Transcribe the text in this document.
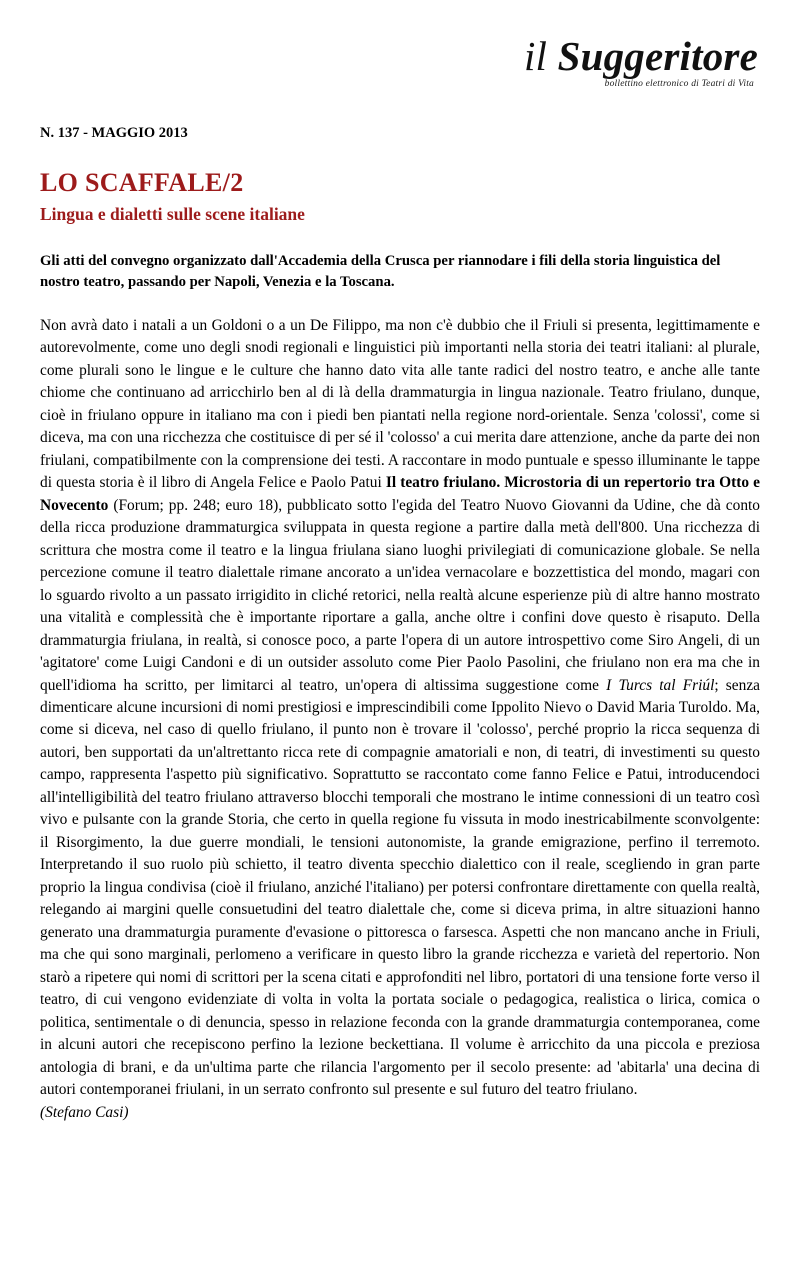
il Suggeritore
bollettino elettronico di Teatri di Vita
N. 137 - MAGGIO 2013
LO SCAFFALE/2
Lingua e dialetti sulle scene italiane
Gli atti del convegno organizzato dall'Accademia della Crusca per riannodare i fili della storia linguistica del nostro teatro, passando per Napoli, Venezia e la Toscana.
Non avrà dato i natali a un Goldoni o a un De Filippo, ma non c'è dubbio che il Friuli si presenta, legittimamente e autorevolmente, come uno degli snodi regionali e linguistici più importanti nella storia dei teatri italiani: al plurale, come plurali sono le lingue e le culture che hanno dato vita alle tante radici del nostro teatro, e anche alle tante chiome che continuano ad arricchirlo ben al di là della drammaturgia in lingua nazionale. Teatro friulano, dunque, cioè in friulano oppure in italiano ma con i piedi ben piantati nella regione nord-orientale. Senza 'colossi', come si diceva, ma con una ricchezza che costituisce di per sé il 'colosso' a cui merita dare attenzione, anche da parte dei non friulani, compatibilmente con la comprensione dei testi. A raccontare in modo puntuale e spesso illuminante le tappe di questa storia è il libro di Angela Felice e Paolo Patui Il teatro friulano. Microstoria di un repertorio tra Otto e Novecento (Forum; pp. 248; euro 18), pubblicato sotto l'egida del Teatro Nuovo Giovanni da Udine, che dà conto della ricca produzione drammaturgica sviluppata in questa regione a partire dalla metà dell'800. Una ricchezza di scrittura che mostra come il teatro e la lingua friulana siano luoghi privilegiati di comunicazione globale. Se nella percezione comune il teatro dialettale rimane ancorato a un'idea vernacolare e bozzettistica del mondo, magari con lo sguardo rivolto a un passato irrigidito in cliché retorici, nella realtà alcune esperienze più di altre hanno mostrato una vitalità e complessità che è importante riportare a galla, anche oltre i confini dove questo è risaputo. Della drammaturgia friulana, in realtà, si conosce poco, a parte l'opera di un autore introspettivo come Siro Angeli, di un 'agitatore' come Luigi Candoni e di un outsider assoluto come Pier Paolo Pasolini, che friulano non era ma che in quell'idioma ha scritto, per limitarci al teatro, un'opera di altissima suggestione come I Turcs tal Friúl; senza dimenticare alcune incursioni di nomi prestigiosi e imprescindibili come Ippolito Nievo o David Maria Turoldo. Ma, come si diceva, nel caso di quello friulano, il punto non è trovare il 'colosso', perché proprio la ricca sequenza di autori, ben supportati da un'altrettanto ricca rete di compagnie amatoriali e non, di teatri, di investimenti su questo campo, rappresenta l'aspetto più significativo. Soprattutto se raccontato come fanno Felice e Patui, introducendoci all'intelligibilità del teatro friulano attraverso blocchi temporali che mostrano le intime connessioni di un teatro così vivo e pulsante con la grande Storia, che certo in quella regione fu vissuta in modo inestricabilmente sconvolgente: il Risorgimento, la due guerre mondiali, le tensioni autonomiste, la grande emigrazione, perfino il terremoto. Interpretando il suo ruolo più schietto, il teatro diventa specchio dialettico con il reale, scegliendo in gran parte proprio la lingua condivisa (cioè il friulano, anziché l'italiano) per potersi confrontare direttamente con quella realtà, relegando ai margini quelle consuetudini del teatro dialettale che, come si diceva prima, in altre situazioni hanno generato una drammaturgia puramente d'evasione o pittoresca o farsesca. Aspetti che non mancano anche in Friuli, ma che qui sono marginali, perlomeno a verificare in questo libro la grande ricchezza e varietà del repertorio. Non starò a ripetere qui nomi di scrittori per la scena citati e approfonditi nel libro, portatori di una tensione forte verso il teatro, di cui vengono evidenziate di volta in volta la portata sociale o pedagogica, realistica o lirica, comica o politica, sentimentale o di denuncia, spesso in relazione feconda con la grande drammaturgia contemporanea, come in alcuni autori che recepiscono perfino la lezione beckettiana. Il volume è arricchito da una piccola e preziosa antologia di brani, e da un'ultima parte che rilancia l'argomento per il secolo presente: ad 'abitarla' una decina di autori contemporanei friulani, in un serrato confronto sul presente e sul futuro del teatro friulano.
(Stefano Casi)
